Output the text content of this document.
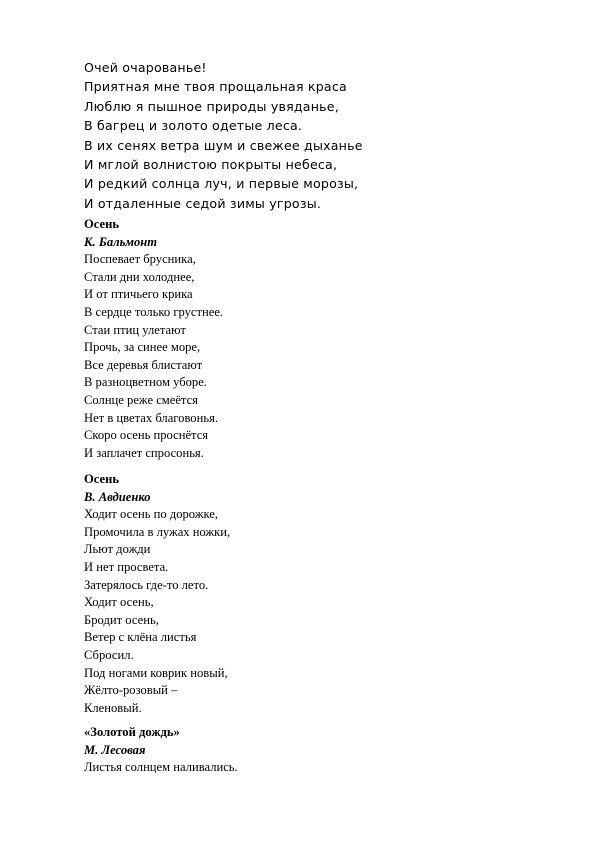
Очей очарованье!
Приятная мне твоя прощальная краса
Люблю я пышное природы увяданье,
В багрец и золото одетые леса.
В их сенях ветра шум и свежее дыханье
И мглой волнистою покрыты небеса,
И редкий солнца луч, и первые морозы,
И отдаленные седой зимы угрозы.
Осень
К. Бальмонт
Поспевает брусника,
Стали дни холоднее,
И от птичьего крика
В сердце только грустнее.
Стаи птиц улетают
Прочь, за синее море,
Все деревья блистают
В разноцветном уборе.
Солнце реже смеётся
Нет в цветах благовонья.
Скоро осень проснётся
И заплачет спросонья.
Осень
В. Авдиенко
Ходит осень по дорожке,
Промочила в лужах ножки,
Льют дожди
И нет просвета.
Затерялось где-то лето.
Ходит осень,
Бродит осень,
Ветер с клёна листья
Сбросил.
Под ногами коврик новый,
Жёлто-розовый –
Кленовый.
«Золотой дождь»
М. Лесовая
Листья солнцем наливались.
